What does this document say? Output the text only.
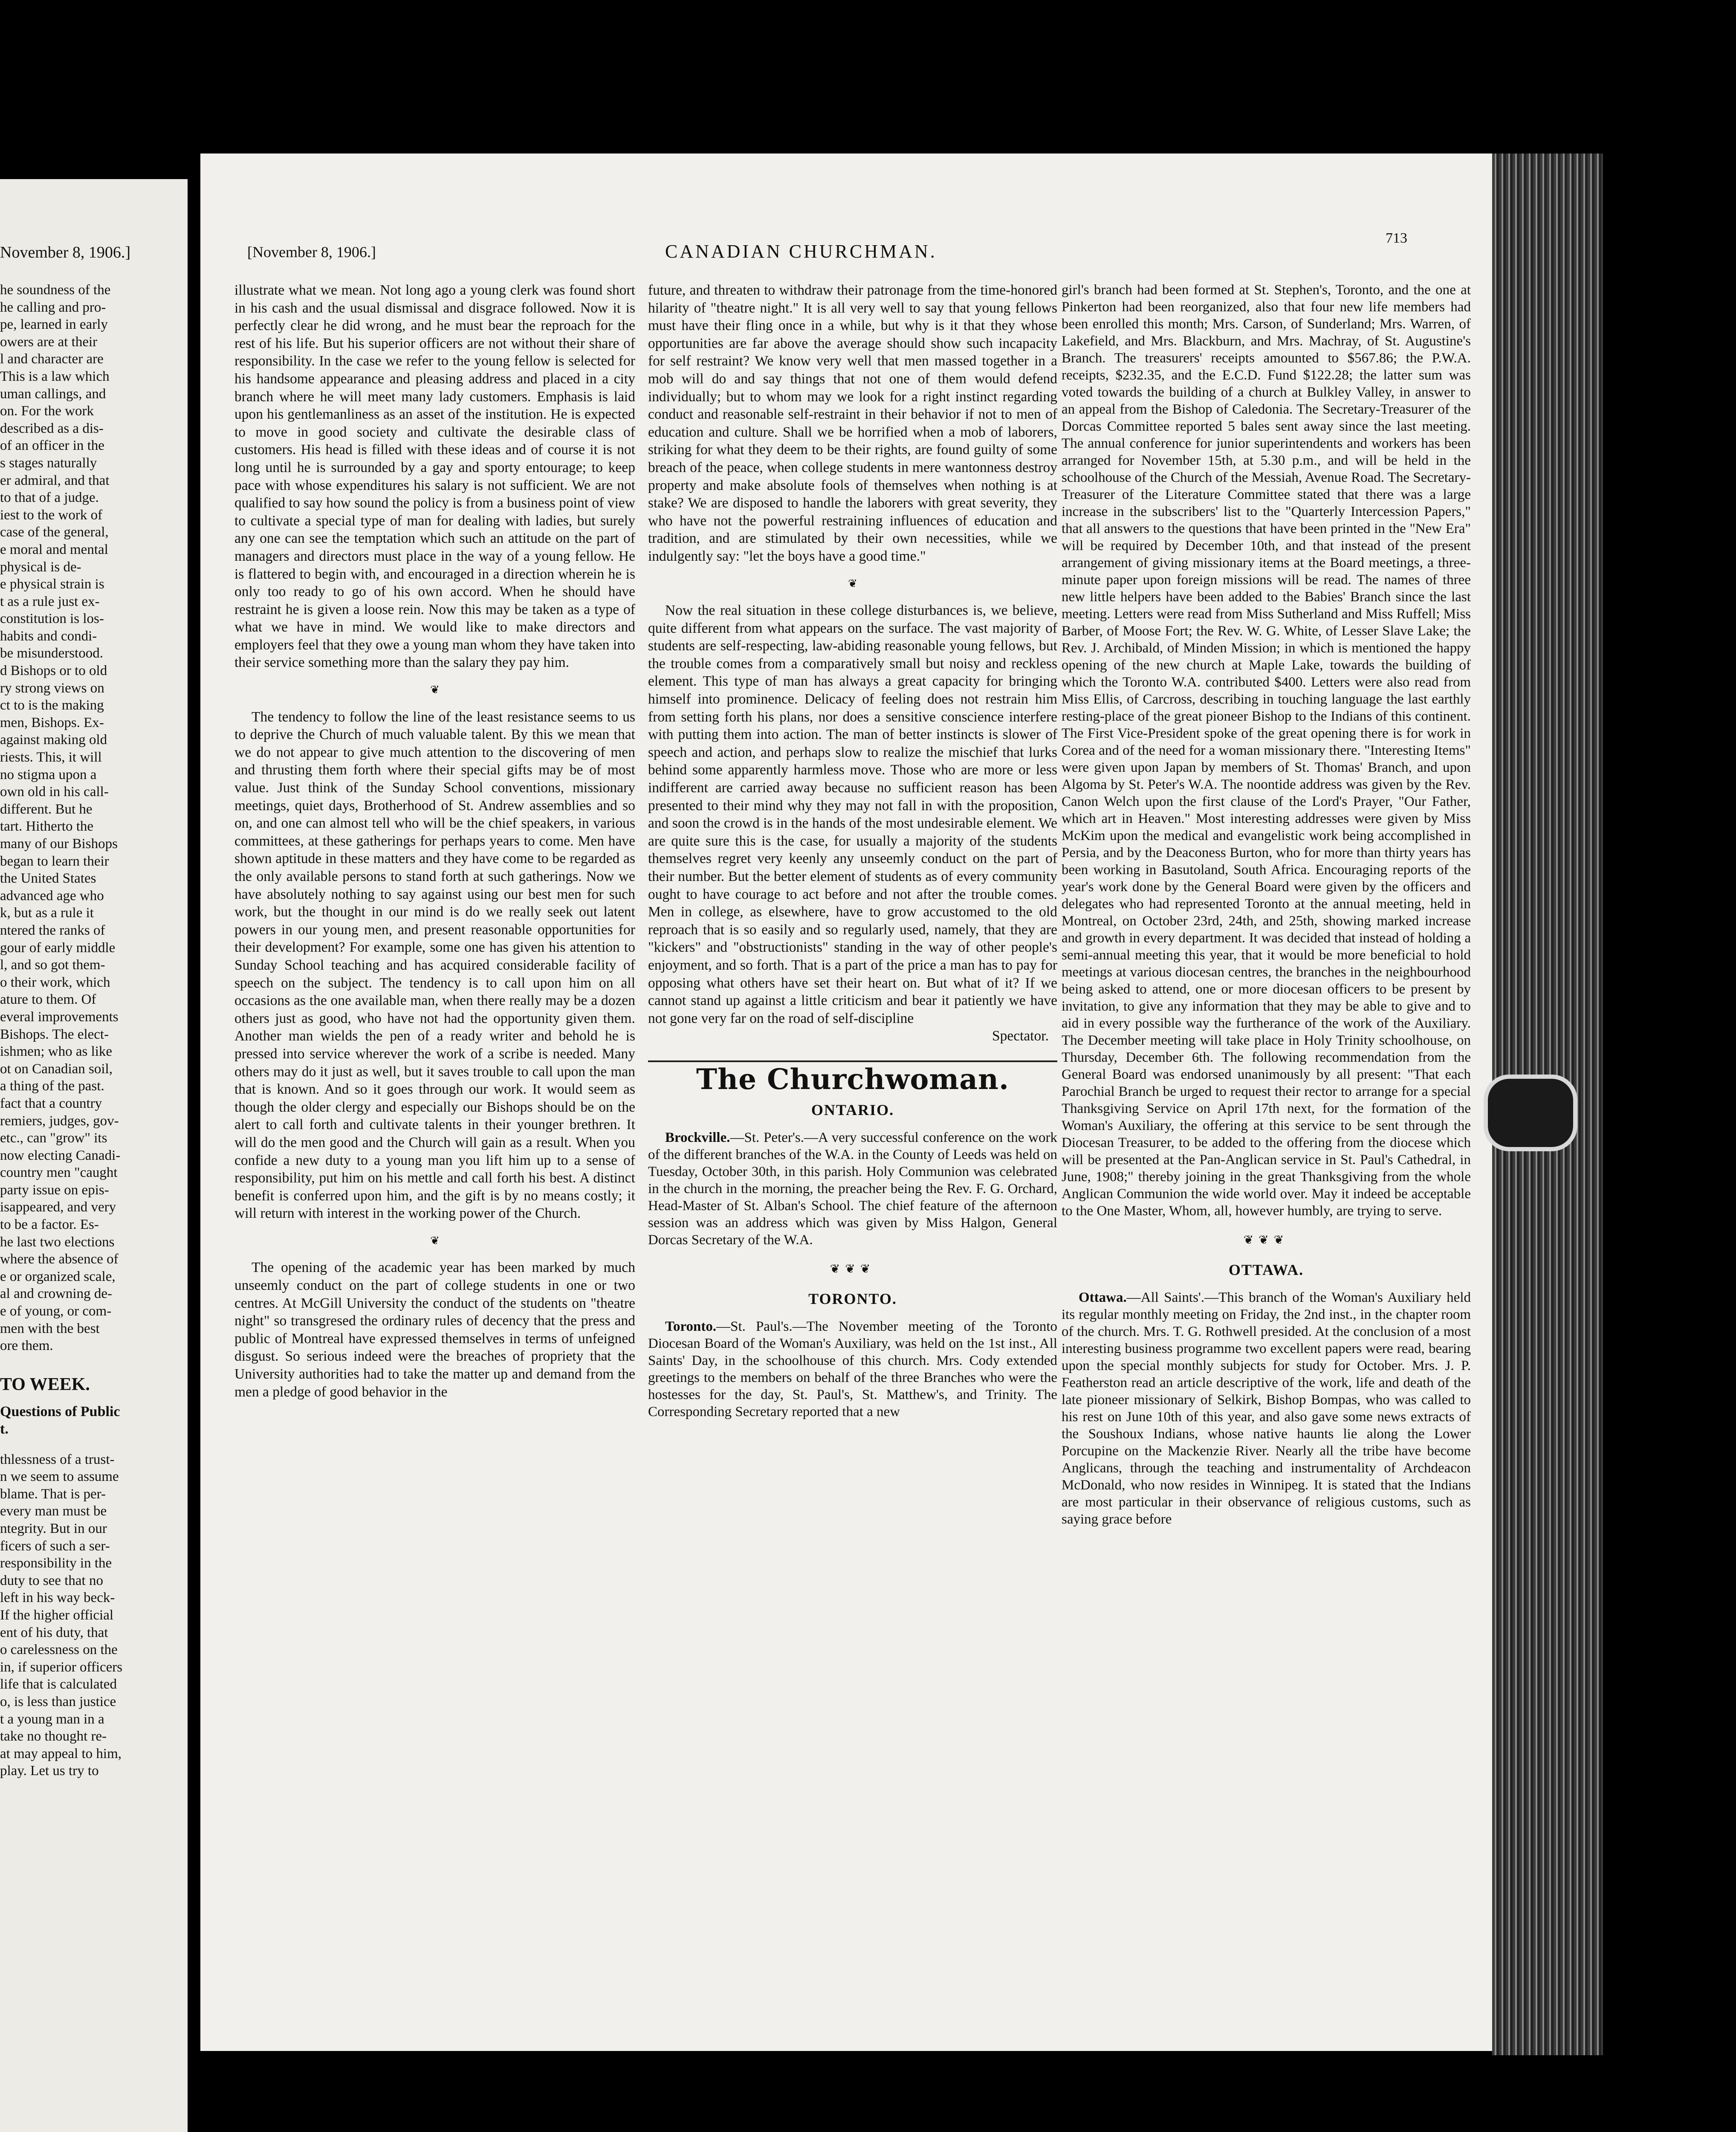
November 8, 1906.]
he soundness of the
he calling and pro-
pe, learned in early
owers are at their
l and character are
This is a law which
uman callings, and
on. For the work
described as a dis-
of an officer in the
s stages naturally
er admiral, and that
to that of a judge.
iest to the work of
case of the general,
e moral and mental
physical is de-
e physical strain is
t as a rule just ex-
constitution is los-
habits and condi-
be misunderstood.
d Bishops or to old
ry strong views on
ct to is the making
men, Bishops. Ex-
against making old
riests. This, it will
no stigma upon a
own old in his call-
different. But he
tart. Hitherto the
many of our Bishops
began to learn their
the United States
advanced age who
k, but as a rule it
ntered the ranks of
gour of early middle
l, and so got them-
o their work, which
ature to them. Of
everal improvements
Bishops. The elect-
ishmen; who as like
ot on Canadian soil,
a thing of the past.
fact that a country
remiers, judges, gov-
etc., can "grow" its
now electing Canadi-
country men "caught
party issue on epis-
isappeared, and very
to be a factor. Es-
he last two elections
where the absence of
e or organized scale,
al and crowning de-
e of young, or com-
men with the best
ore them.
TO WEEK.
Questions of Public
t.
thlessness of a trust-
n we seem to assume
blame. That is per-
every man must be
ntegrity. But in our
ficers of such a ser-
responsibility in the
duty to see that no
left in his way beck-
If the higher official
ent of his duty, that
o carelessness on the
in, if superior officers
life that is calculated
o, is less than justice
t a young man in a
take no thought re-
at may appeal to him,
play. Let us try to
[November 8, 1906.]	CANADIAN CHURCHMAN.
713

illustrate what we mean. Not long ago a young clerk was found short in his cash and the usual dismissal and disgrace followed. Now it is perfectly clear he did wrong, and he must bear the reproach for the rest of his life. But his superior officers are not without their share of responsibility. In the case we refer to the young fellow is selected for his handsome appearance and pleasing address and placed in a city branch where he will meet many lady customers. Emphasis is laid upon his gentlemanliness as an asset of the institution. He is expected to move in good society and cultivate the desirable class of customers. His head is filled with these ideas and of course it is not long until he is surrounded by a gay and sporty entourage; to keep pace with whose expenditures his salary is not sufficient. We are not qualified to say how sound the policy is from a business point of view to cultivate a special type of man for dealing with ladies, but surely any one can see the temptation which such an attitude on the part of managers and directors must place in the way of a young fellow. He is flattered to begin with, and encouraged in a direction wherein he is only too ready to go of his own accord. When he should have restraint he is given a loose rein. Now this may be taken as a type of what we have in mind. We would like to make directors and employers feel that they owe a young man whom they have taken into their service something more than the salary they pay him.

❦

The tendency to follow the line of the least resistance seems to us to deprive the Church of much valuable talent. By this we mean that we do not appear to give much attention to the discovering of men and thrusting them forth where their special gifts may be of most value. Just think of the Sunday School conventions, missionary meetings, quiet days, Brotherhood of St. Andrew assemblies and so on, and one can almost tell who will be the chief speakers, in various committees, at these gatherings for perhaps years to come. Men have shown aptitude in these matters and they have come to be regarded as the only available persons to stand forth at such gatherings. Now we have absolutely nothing to say against using our best men for such work, but the thought in our mind is do we really seek out latent powers in our young men, and present reasonable opportunities for their development? For example, some one has given his attention to Sunday School teaching and has acquired considerable facility of speech on the subject. The tendency is to call upon him on all occasions as the one available man, when there really may be a dozen others just as good, who have not had the opportunity given them. Another man wields the pen of a ready writer and behold he is pressed into service wherever the work of a scribe is needed. Many others may do it just as well, but it saves trouble to call upon the man that is known. And so it goes through our work. It would seem as though the older clergy and especially our Bishops should be on the alert to call forth and cultivate talents in their younger brethren. It will do the men good and the Church will gain as a result. When you confide a new duty to a young man you lift him up to a sense of responsibility, put him on his mettle and call forth his best. A distinct benefit is conferred upon him, and the gift is by no means costly; it will return with interest in the working power of the Church.

❦

The opening of the academic year has been marked by much unseemly conduct on the part of college students in one or two centres. At McGill University the conduct of the students on "theatre night" so transgresed the ordinary rules of decency that the press and public of Montreal have expressed themselves in terms of unfeigned disgust. So serious indeed were the breaches of propriety that the University authorities had to take the matter up and demand from the men a pledge of good behavior in the

future, and threaten to withdraw their patronage from the time-honored hilarity of "theatre night." It is all very well to say that young fellows must have their fling once in a while, but why is it that they whose opportunities are far above the average should show such incapacity for self restraint? We know very well that men massed together in a mob will do and say things that not one of them would defend individually; but to whom may we look for a right instinct regarding conduct and reasonable self-restraint in their behavior if not to men of education and culture. Shall we be horrified when a mob of laborers, striking for what they deem to be their rights, are found guilty of some breach of the peace, when college students in mere wantonness destroy property and make absolute fools of themselves when nothing is at stake? We are disposed to handle the laborers with great severity, they who have not the powerful restraining influences of education and tradition, and are stimulated by their own necessities, while we indulgently say: "let the boys have a good time."

❦

Now the real situation in these college disturbances is, we believe, quite different from what appears on the surface. The vast majority of students are self-respecting, law-abiding reasonable young fellows, but the trouble comes from a comparatively small but noisy and reckless element. This type of man has always a great capacity for bringing himself into prominence. Delicacy of feeling does not restrain him from setting forth his plans, nor does a sensitive conscience interfere with putting them into action. The man of better instincts is slower of speech and action, and perhaps slow to realize the mischief that lurks behind some apparently harmless move. Those who are more or less indifferent are carried away because no sufficient reason has been presented to their mind why they may not fall in with the proposition, and soon the crowd is in the hands of the most undesirable element. We are quite sure this is the case, for usually a majority of the students themselves regret very keenly any unseemly conduct on the part of their number. But the better element of students as of every community ought to have courage to act before and not after the trouble comes. Men in college, as elsewhere, have to grow accustomed to the old reproach that is so easily and so regularly used, namely, that they are "kickers" and "obstructionists" standing in the way of other people's enjoyment, and so forth. That is a part of the price a man has to pay for opposing what others have set their heart on. But what of it? If we cannot stand up against a little criticism and bear it patiently we have not gone very far on the road of self-discipline

Spectator.
The Churchwoman.
ONTARIO.

Brockville.—St. Peter's.—A very successful conference on the work of the different branches of the W.A. in the County of Leeds was held on Tuesday, October 30th, in this parish. Holy Communion was celebrated in the church in the morning, the preacher being the Rev. F. G. Orchard, Head-Master of St. Alban's School. The chief feature of the afternoon session was an address which was given by Miss Halgon, General Dorcas Secretary of the W.A.

❦❦❦
TORONTO.

Toronto.—St. Paul's.—The November meeting of the Toronto Diocesan Board of the Woman's Auxiliary, was held on the 1st inst., All Saints' Day, in the schoolhouse of this church. Mrs. Cody extended greetings to the members on behalf of the three Branches who were the hostesses for the day, St. Paul's, St. Matthew's, and Trinity. The Corresponding Secretary reported that a new

girl's branch had been formed at St. Stephen's, Toronto, and the one at Pinkerton had been reorganized, also that four new life members had been enrolled this month; Mrs. Carson, of Sunderland; Mrs. Warren, of Lakefield, and Mrs. Blackburn, and Mrs. Machray, of St. Augustine's Branch. The treasurers' receipts amounted to $567.86; the P.W.A. receipts, $232.35, and the E.C.D. Fund $122.28; the latter sum was voted towards the building of a church at Bulkley Valley, in answer to an appeal from the Bishop of Caledonia. The Secretary-Treasurer of the Dorcas Committee reported 5 bales sent away since the last meeting. The annual conference for junior superintendents and workers has been arranged for November 15th, at 5.30 p.m., and will be held in the schoolhouse of the Church of the Messiah, Avenue Road. The Secretary-Treasurer of the Literature Committee stated that there was a large increase in the subscribers' list to the "Quarterly Intercession Papers," that all answers to the questions that have been printed in the "New Era" will be required by December 10th, and that instead of the present arrangement of giving missionary items at the Board meetings, a three-minute paper upon foreign missions will be read. The names of three new little helpers have been added to the Babies' Branch since the last meeting. Letters were read from Miss Sutherland and Miss Ruffell; Miss Barber, of Moose Fort; the Rev. W. G. White, of Lesser Slave Lake; the Rev. J. Archibald, of Minden Mission; in which is mentioned the happy opening of the new church at Maple Lake, towards the building of which the Toronto W.A. contributed $400. Letters were also read from Miss Ellis, of Carcross, describing in touching language the last earthly resting-place of the great pioneer Bishop to the Indians of this continent. The First Vice-President spoke of the great opening there is for work in Corea and of the need for a woman missionary there. "Interesting Items" were given upon Japan by members of St. Thomas' Branch, and upon Algoma by St. Peter's W.A. The noontide address was given by the Rev. Canon Welch upon the first clause of the Lord's Prayer, "Our Father, which art in Heaven." Most interesting addresses were given by Miss McKim upon the medical and evangelistic work being accomplished in Persia, and by the Deaconess Burton, who for more than thirty years has been working in Basutoland, South Africa. Encouraging reports of the year's work done by the General Board were given by the officers and delegates who had represented Toronto at the annual meeting, held in Montreal, on October 23rd, 24th, and 25th, showing marked increase and growth in every department. It was decided that instead of holding a semi-annual meeting this year, that it would be more beneficial to hold meetings at various diocesan centres, the branches in the neighbourhood being asked to attend, one or more diocesan officers to be present by invitation, to give any information that they may be able to give and to aid in every possible way the furtherance of the work of the Auxiliary. The December meeting will take place in Holy Trinity schoolhouse, on Thursday, December 6th. The following recommendation from the General Board was endorsed unanimously by all present: "That each Parochial Branch be urged to request their rector to arrange for a special Thanksgiving Service on April 17th next, for the formation of the Woman's Auxiliary, the offering at this service to be sent through the Diocesan Treasurer, to be added to the offering from the diocese which will be presented at the Pan-Anglican service in St. Paul's Cathedral, in June, 1908;" thereby joining in the great Thanksgiving from the whole Anglican Communion the wide world over. May it indeed be acceptable to the One Master, Whom, all, however humbly, are trying to serve.

❦❦❦
OTTAWA.

Ottawa.—All Saints'.—This branch of the Woman's Auxiliary held its regular monthly meeting on Friday, the 2nd inst., in the chapter room of the church. Mrs. T. G. Rothwell presided. At the conclusion of a most interesting business programme two excellent papers were read, bearing upon the special monthly subjects for study for October. Mrs. J. P. Featherston read an article descriptive of the work, life and death of the late pioneer missionary of Selkirk, Bishop Bompas, who was called to his rest on June 10th of this year, and also gave some news extracts of the Soushoux Indians, whose native haunts lie along the Lower Porcupine on the Mackenzie River. Nearly all the tribe have become Anglicans, through the teaching and instrumentality of Archdeacon McDonald, who now resides in Winnipeg. It is stated that the Indians are most particular in their observance of religious customs, such as saying grace before
